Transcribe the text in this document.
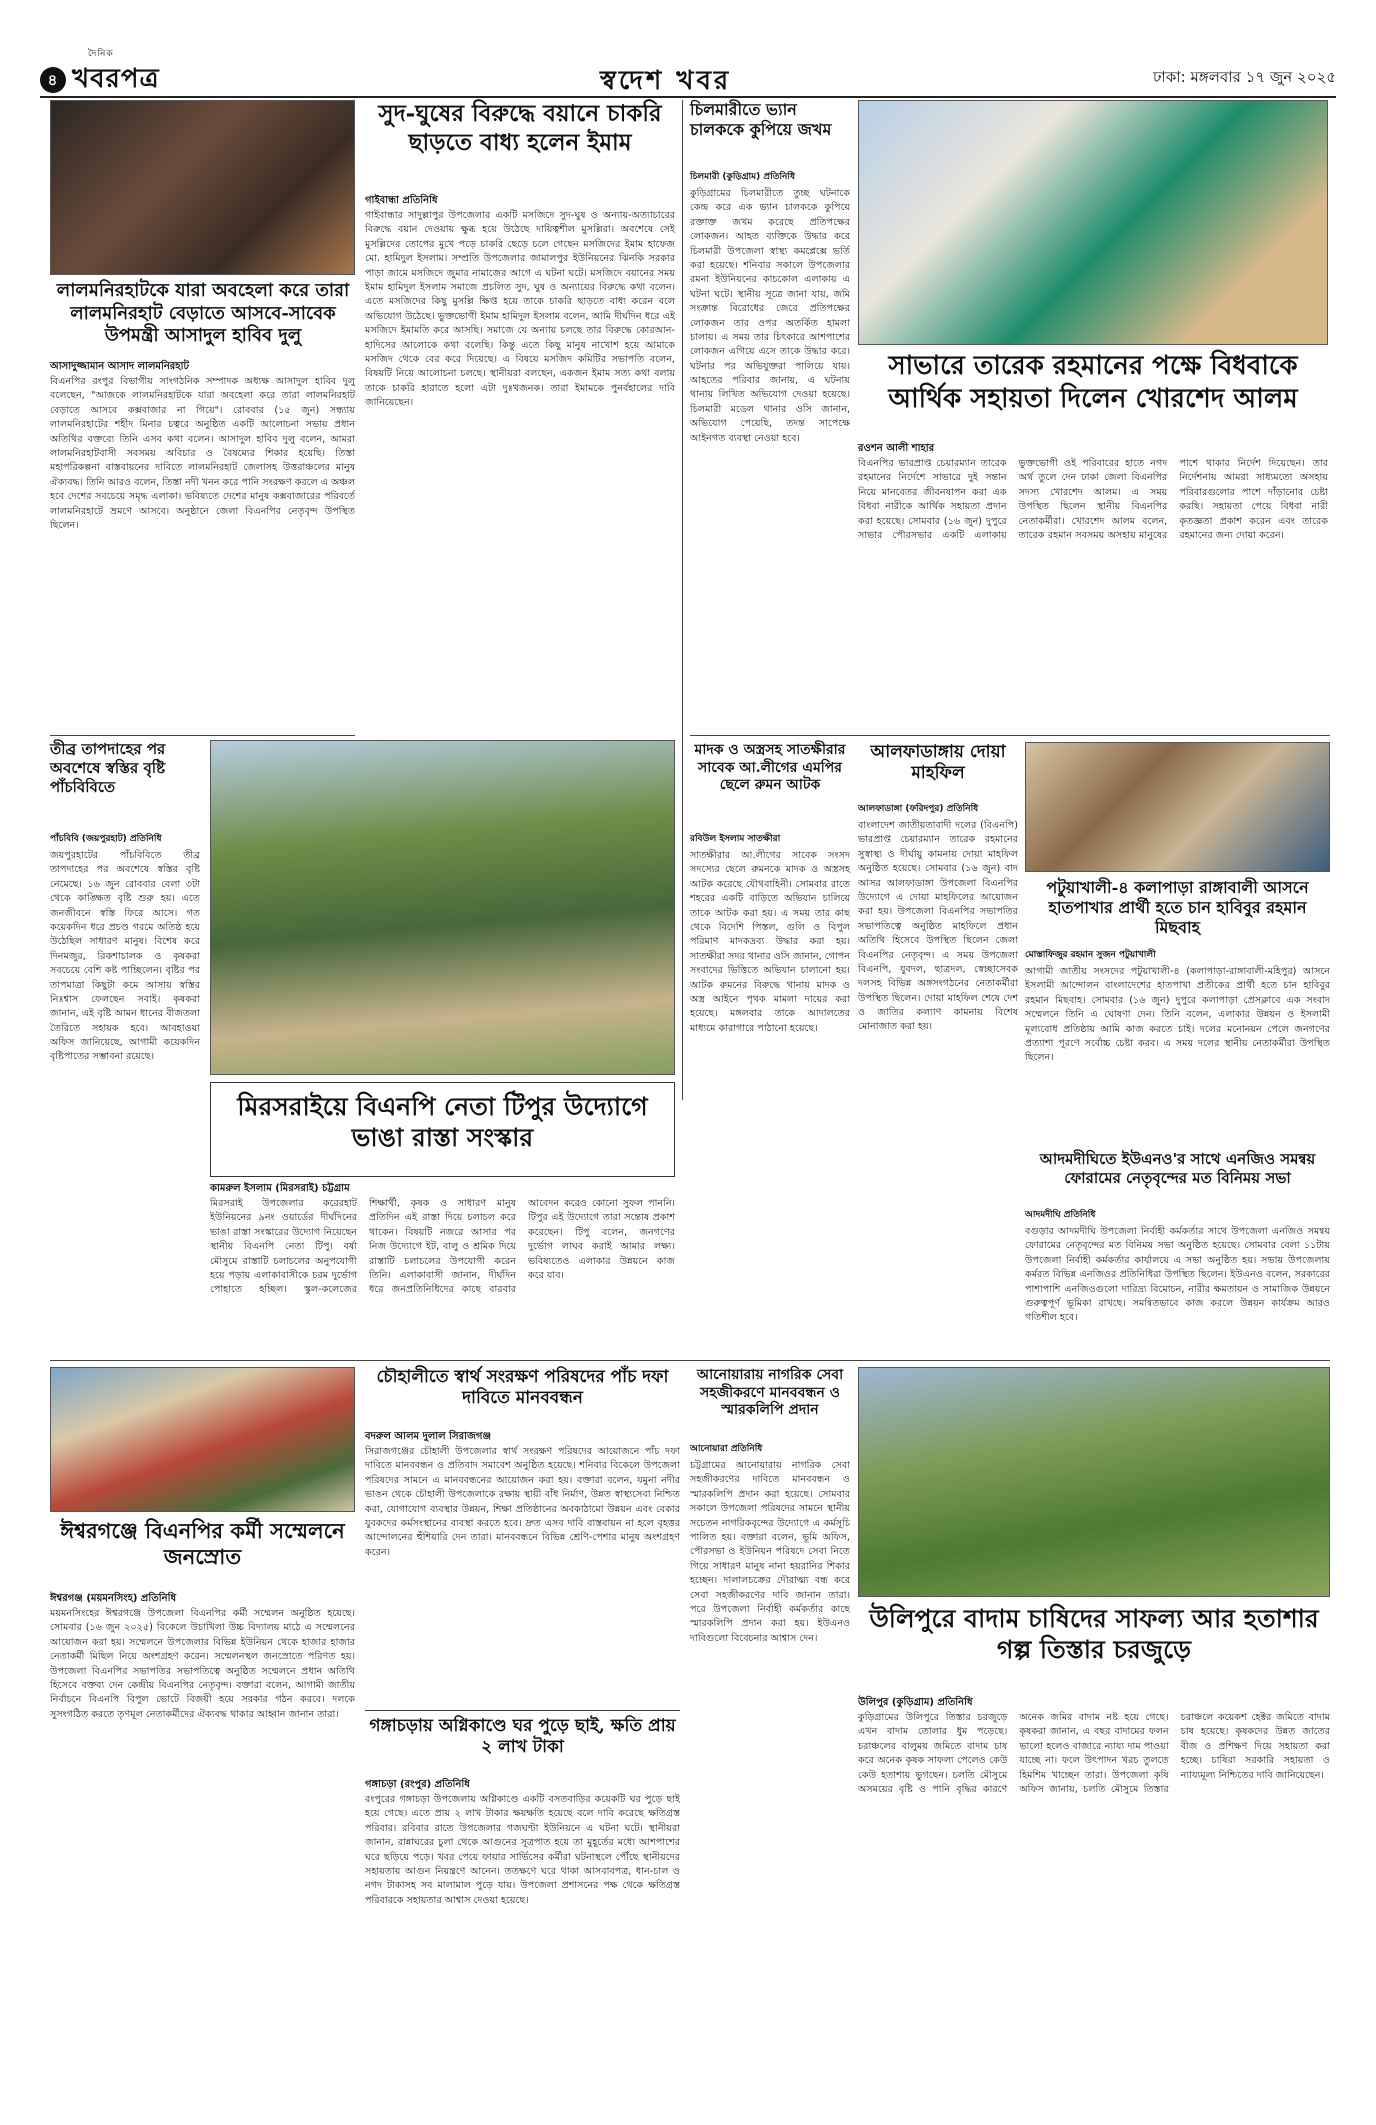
দৈনিক
৪ খবরপত্র	স্বদেশ খবর	ঢাকা: মঙ্গলবার ১৭ জুন ২০২৫
লালমনিরহাটকে যারা অবহেলা করে তারা লালমনিরহাট বেড়াতে আসবে-সাবেক উপমন্ত্রী আসাদুল হাবিব দুলু
আসাদুজ্জামান আসাদ লালমনিরহাট
বিএনপির রংপুর বিভাগীয় সাংগঠনিক সম্পাদক অধ্যক্ষ আসাদুল হাবিব দুলু বলেছেন, "আজকে লালমনিরহাটকে যারা অবহেলা করে তারা লালমনিরহাট বেড়াতে আসবে কক্সবাজার না গিয়ে"। রোববার (১৫ জুন) সন্ধ্যায় লালমনিরহাটের শহীদ মিনার চত্বরে অনুষ্ঠিত একটি আলোচনা সভায় প্রধান অতিথির বক্তব্যে তিনি এসব কথা বলেন। আসাদুল হাবিব দুলু বলেন, আমরা লালমনিরহাটবাসী সবসময় অবিচার ও বৈষম্যের শিকার হয়েছি। তিস্তা মহাপরিকল্পনা বাস্তবায়নের দাবিতে লালমনিরহাট জেলাসহ উত্তরাঞ্চলের মানুষ ঐক্যবদ্ধ। তিনি আরও বলেন, তিস্তা নদী খনন করে পানি সংরক্ষণ করলে এ অঞ্চল হবে দেশের সবচেয়ে সমৃদ্ধ এলাকা। ভবিষ্যতে দেশের মানুষ কক্সবাজারের পরিবর্তে লালমনিরহাটে ভ্রমণে আসবে। অনুষ্ঠানে জেলা বিএনপির নেতৃবৃন্দ উপস্থিত ছিলেন।
তীব্র তাপদাহের পর অবশেষে স্বস্তির বৃষ্টি পাঁচবিবিতে
পাঁচবিবি (জয়পুরহাট) প্রতিনিধি
জয়পুরহাটের পাঁচবিবিতে তীব্র তাপদাহের পর অবশেষে স্বস্তির বৃষ্টি নেমেছে। ১৬ জুন রোববার বেলা ৩টা থেকে কাঙ্ক্ষিত বৃষ্টি শুরু হয়। এতে জনজীবনে স্বস্তি ফিরে আসে। গত কয়েকদিন ধরে প্রচণ্ড গরমে অতিষ্ঠ হয়ে উঠেছিল সাধারণ মানুষ। বিশেষ করে দিনমজুর, রিকশাচালক ও কৃষকরা সবচেয়ে বেশি কষ্ট পাচ্ছিলেন। বৃষ্টির পর তাপমাত্রা কিছুটা কমে আসায় স্বস্তির নিঃশ্বাস ফেলছেন সবাই। কৃষকরা জানান, এই বৃষ্টি আমন ধানের বীজতলা তৈরিতে সহায়ক হবে। আবহাওয়া অফিস জানিয়েছে, আগামী কয়েকদিন বৃষ্টিপাতের সম্ভাবনা রয়েছে।
মিরসরাইয়ে বিএনপি নেতা টিপুর উদ্যোগে ভাঙা রাস্তা সংস্কার
কামরুল ইসলাম (মিরসরাই) চট্টগ্রাম
মিরসরাই উপজেলার করেরহাট ইউনিয়নের ৯নং ওয়ার্ডের দীর্ঘদিনের ভাঙা রাস্তা সংস্কারের উদ্যোগ নিয়েছেন স্থানীয় বিএনপি নেতা টিপু। বর্ষা মৌসুমে রাস্তাটি চলাচলের অনুপযোগী হয়ে পড়ায় এলাকাবাসীকে চরম দুর্ভোগ পোহাতে হচ্ছিল। স্কুল-কলেজের শিক্ষার্থী, কৃষক ও সাধারণ মানুষ প্রতিদিন এই রাস্তা দিয়ে চলাচল করে থাকেন। বিষয়টি নজরে আসার পর নিজ উদ্যোগে ইট, বালু ও শ্রমিক দিয়ে রাস্তাটি চলাচলের উপযোগী করেন তিনি। এলাকাবাসী জানান, দীর্ঘদিন ধরে জনপ্রতিনিধিদের কাছে বারবার আবেদন করেও কোনো সুফল পাননি। টিপুর এই উদ্যোগে তারা সন্তোষ প্রকাশ করেছেন। টিপু বলেন, জনগণের দুর্ভোগ লাঘব করাই আমার লক্ষ্য। ভবিষ্যতেও এলাকার উন্নয়নে কাজ করে যাব।
সুদ-ঘুষের বিরুদ্ধে বয়ানে চাকরি ছাড়তে বাধ্য হলেন ইমাম
গাইবান্ধা প্রতিনিধি
গাইবান্ধার সাদুল্লাপুর উপজেলার একটি মসজিদে সুদ-ঘুষ ও অন্যায়-অত্যাচারের বিরুদ্ধে বয়ান দেওয়ায় ক্ষুব্ধ হয়ে উঠেছে দায়িত্বশীল মুসল্লিরা। অবশেষে সেই মুসল্লিদের তোপের মুখে পড়ে চাকরি ছেড়ে চলে গেছেন মসজিদের ইমাম হাফেজ মো. হামিদুল ইসলাম। সম্প্রতি উপজেলার জামালপুর ইউনিয়নের ঝিনকি সরকার পাড়া জামে মসজিদে জুমার নামাজের আগে এ ঘটনা ঘটে। মসজিদে বয়ানের সময় ইমাম হামিদুল ইসলাম সমাজে প্রচলিত সুদ, ঘুষ ও অন্যায়ের বিরুদ্ধে কথা বলেন। এতে মসজিদের কিছু মুসল্লি ক্ষিপ্ত হয়ে তাকে চাকরি ছাড়তে বাধ্য করেন বলে অভিযোগ উঠেছে। ভুক্তভোগী ইমাম হামিদুল ইসলাম বলেন, আমি দীর্ঘদিন ধরে এই মসজিদে ইমামতি করে আসছি। সমাজে যে অন্যায় চলছে তার বিরুদ্ধে কোরআন-হাদিসের আলোকে কথা বলেছি। কিন্তু এতে কিছু মানুষ নাখোশ হয়ে আমাকে মসজিদ থেকে বের করে দিয়েছে। এ বিষয়ে মসজিদ কমিটির সভাপতি বলেন, বিষয়টি নিয়ে আলোচনা চলছে। স্থানীয়রা বলছেন, একজন ইমাম সত্য কথা বলায় তাকে চাকরি হারাতে হলো এটা দুঃখজনক। তারা ইমামকে পুনর্বহালের দাবি জানিয়েছেন।
চিলমারীতে ভ্যান চালককে কুপিয়ে জখম
চিলমারী (কুড়িগ্রাম) প্রতিনিধি
কুড়িগ্রামের চিলমারীতে তুচ্ছ ঘটনাকে কেন্দ্র করে এক ভ্যান চালককে কুপিয়ে রক্তাক্ত জখম করেছে প্রতিপক্ষের লোকজন। আহত ব্যক্তিকে উদ্ধার করে চিলমারী উপজেলা স্বাস্থ্য কমপ্লেক্সে ভর্তি করা হয়েছে। শনিবার সকালে উপজেলার রমনা ইউনিয়নের কাচকোল এলাকায় এ ঘটনা ঘটে। স্থানীয় সূত্রে জানা যায়, জমি সংক্রান্ত বিরোধের জেরে প্রতিপক্ষের লোকজন তার ওপর অতর্কিত হামলা চালায়। এ সময় তার চিৎকারে আশপাশের লোকজন এগিয়ে এসে তাকে উদ্ধার করে। ঘটনার পর অভিযুক্তরা পালিয়ে যায়। আহতের পরিবার জানায়, এ ঘটনায় থানায় লিখিত অভিযোগ দেওয়া হয়েছে। চিলমারী মডেল থানার ওসি জানান, অভিযোগ পেয়েছি, তদন্ত সাপেক্ষে আইনগত ব্যবস্থা নেওয়া হবে।
সাভারে তারেক রহমানের পক্ষে বিধবাকে আর্থিক সহায়তা দিলেন খোরশেদ আলম
রওশন আলী শাহার
বিএনপির ভারপ্রাপ্ত চেয়ারম্যান তারেক রহমানের নির্দেশে সাভারে দুই সন্তান নিয়ে মানবেতর জীবনযাপন করা এক বিধবা নারীকে আর্থিক সহায়তা প্রদান করা হয়েছে। সোমবার (১৬ জুন) দুপুরে সাভার পৌরসভার একটি এলাকায় ভুক্তভোগী ওই পরিবারের হাতে নগদ অর্থ তুলে দেন ঢাকা জেলা বিএনপির সদস্য খোরশেদ আলম। এ সময় উপস্থিত ছিলেন স্থানীয় বিএনপির নেতাকর্মীরা। খোরশেদ আলম বলেন, তারেক রহমান সবসময় অসহায় মানুষের পাশে থাকার নির্দেশ দিয়েছেন। তার নির্দেশনায় আমরা সাধ্যমতো অসহায় পরিবারগুলোর পাশে দাঁড়ানোর চেষ্টা করছি। সহায়তা পেয়ে বিধবা নারী কৃতজ্ঞতা প্রকাশ করেন এবং তারেক রহমানের জন্য দোয়া করেন।
মাদক ও অস্ত্রসহ সাতক্ষীরার সাবেক আ.লীগের এমপির ছেলে রুমন আটক
রবিউল ইসলাম সাতক্ষীরা
সাতক্ষীরার আ.লীগের সাবেক সংসদ সদস্যের ছেলে রুমনকে মাদক ও অস্ত্রসহ আটক করেছে যৌথবাহিনী। সোমবার রাতে শহরের একটি বাড়িতে অভিযান চালিয়ে তাকে আটক করা হয়। এ সময় তার কাছ থেকে বিদেশি পিস্তল, গুলি ও বিপুল পরিমাণ মাদকদ্রব্য উদ্ধার করা হয়। সাতক্ষীরা সদর থানার ওসি জানান, গোপন সংবাদের ভিত্তিতে অভিযান চালানো হয়। আটক রুমনের বিরুদ্ধে থানায় মাদক ও অস্ত্র আইনে পৃথক মামলা দায়ের করা হয়েছে। মঙ্গলবার তাকে আদালতের মাধ্যমে কারাগারে পাঠানো হয়েছে।
আলফাডাঙ্গায় দোয়া মাহফিল
আলফাডাঙ্গা (ফরিদপুর) প্রতিনিধি
বাংলাদেশ জাতীয়তাবাদী দলের (বিএনপি) ভারপ্রাপ্ত চেয়ারম্যান তারেক রহমানের সুস্বাস্থ্য ও দীর্ঘায়ু কামনায় দোয়া মাহফিল অনুষ্ঠিত হয়েছে। সোমবার (১৬ জুন) বাদ আসর আলফাডাঙ্গা উপজেলা বিএনপির উদ্যোগে এ দোয়া মাহফিলের আয়োজন করা হয়। উপজেলা বিএনপির সভাপতির সভাপতিত্বে অনুষ্ঠিত মাহফিলে প্রধান অতিথি হিসেবে উপস্থিত ছিলেন জেলা বিএনপির নেতৃবৃন্দ। এ সময় উপজেলা বিএনপি, যুবদল, ছাত্রদল, স্বেচ্ছাসেবক দলসহ বিভিন্ন অঙ্গসংগঠনের নেতাকর্মীরা উপস্থিত ছিলেন। দোয়া মাহফিল শেষে দেশ ও জাতির কল্যাণ কামনায় বিশেষ মোনাজাত করা হয়।
পটুয়াখালী-৪ কলাপাড়া রাঙ্গাবালী আসনে হাতপাখার প্রার্থী হতে চান হাবিবুর রহমান মিছবাহ
মোস্তাফিজুর রহমান সুজন পটুয়াখালী
আগামী জাতীয় সংসদের পটুয়াখালী-৪ (কলাপাড়া-রাঙ্গাবালী-মহিপুর) আসনে ইসলামী আন্দোলন বাংলাদেশের হাতপাখা প্রতীকের প্রার্থী হতে চান হাবিবুর রহমান মিছবাহ। সোমবার (১৬ জুন) দুপুরে কলাপাড়া প্রেসক্লাবে এক সংবাদ সম্মেলনে তিনি এ ঘোষণা দেন। তিনি বলেন, এলাকার উন্নয়ন ও ইসলামী মূল্যবোধ প্রতিষ্ঠায় আমি কাজ করতে চাই। দলের মনোনয়ন পেলে জনগণের প্রত্যাশা পূরণে সর্বোচ্চ চেষ্টা করব। এ সময় দলের স্থানীয় নেতাকর্মীরা উপস্থিত ছিলেন।
আদমদীঘিতে ইউএনও'র সাথে এনজিও সমন্বয় ফোরামের নেতৃবৃন্দের মত বিনিময় সভা
আদমদীঘি প্রতিনিধি
বগুড়ার আদমদীঘি উপজেলা নির্বাহী কর্মকর্তার সাথে উপজেলা এনজিও সমন্বয় ফোরামের নেতৃবৃন্দের মত বিনিময় সভা অনুষ্ঠিত হয়েছে। সোমবার বেলা ১১টায় উপজেলা নির্বাহী কর্মকর্তার কার্যালয়ে এ সভা অনুষ্ঠিত হয়। সভায় উপজেলায় কর্মরত বিভিন্ন এনজিওর প্রতিনিধিরা উপস্থিত ছিলেন। ইউএনও বলেন, সরকারের পাশাপাশি এনজিওগুলো দারিদ্র্য বিমোচন, নারীর ক্ষমতায়ন ও সামাজিক উন্নয়নে গুরুত্বপূর্ণ ভূমিকা রাখছে। সমন্বিতভাবে কাজ করলে উন্নয়ন কার্যক্রম আরও গতিশীল হবে।
ঈশ্বরগঞ্জে বিএনপির কর্মী সম্মেলনে জনস্রোত
ঈশ্বরগঞ্জ (ময়মনসিংহ) প্রতিনিধি
ময়মনসিংহের ঈশ্বরগঞ্জে উপজেলা বিএনপির কর্মী সম্মেলন অনুষ্ঠিত হয়েছে। সোমবার (১৬ জুন ২০২৫) বিকেলে উচাখিলা উচ্চ বিদ্যালয় মাঠে এ সম্মেলনের আয়োজন করা হয়। সম্মেলনে উপজেলার বিভিন্ন ইউনিয়ন থেকে হাজার হাজার নেতাকর্মী মিছিল নিয়ে অংশগ্রহণ করেন। সম্মেলনস্থল জনস্রোতে পরিণত হয়। উপজেলা বিএনপির সভাপতির সভাপতিত্বে অনুষ্ঠিত সম্মেলনে প্রধান অতিথি হিসেবে বক্তব্য দেন কেন্দ্রীয় বিএনপির নেতৃবৃন্দ। বক্তারা বলেন, আগামী জাতীয় নির্বাচনে বিএনপি বিপুল ভোটে বিজয়ী হয়ে সরকার গঠন করবে। দলকে সুসংগঠিত করতে তৃণমূল নেতাকর্মীদের ঐক্যবদ্ধ থাকার আহ্বান জানান তারা।
চৌহালীতে স্বার্থ সংরক্ষণ পরিষদের পাঁচ দফা দাবিতে মানববন্ধন
বদরুল আলম দুলাল সিরাজগঞ্জ
সিরাজগঞ্জের চৌহালী উপজেলার স্বার্থ সংরক্ষণ পরিষদের আয়োজনে পাঁচ দফা দাবিতে মানববন্ধন ও প্রতিবাদ সমাবেশ অনুষ্ঠিত হয়েছে। শনিবার বিকেলে উপজেলা পরিষদের সামনে এ মানববন্ধনের আয়োজন করা হয়। বক্তারা বলেন, যমুনা নদীর ভাঙন থেকে চৌহালী উপজেলাকে রক্ষায় স্থায়ী বাঁধ নির্মাণ, উন্নত স্বাস্থ্যসেবা নিশ্চিত করা, যোগাযোগ ব্যবস্থার উন্নয়ন, শিক্ষা প্রতিষ্ঠানের অবকাঠামো উন্নয়ন এবং বেকার যুবকদের কর্মসংস্থানের ব্যবস্থা করতে হবে। দ্রুত এসব দাবি বাস্তবায়ন না হলে বৃহত্তর আন্দোলনের হুঁশিয়ারি দেন তারা। মানববন্ধনে বিভিন্ন শ্রেণি-পেশার মানুষ অংশগ্রহণ করেন।
গঙ্গাচড়ায় অগ্নিকাণ্ডে ঘর পুড়ে ছাই, ক্ষতি প্রায় ২ লাখ টাকা
গঙ্গাচড়া (রংপুর) প্রতিনিধি
রংপুরের গঙ্গাচড়া উপজেলায় অগ্নিকাণ্ডে একটি বসতবাড়ির কয়েকটি ঘর পুড়ে ছাই হয়ে গেছে। এতে প্রায় ২ লাখ টাকার ক্ষয়ক্ষতি হয়েছে বলে দাবি করেছে ক্ষতিগ্রস্ত পরিবার। রবিবার রাতে উপজেলার গজঘণ্টা ইউনিয়নে এ ঘটনা ঘটে। স্থানীয়রা জানান, রান্নাঘরের চুলা থেকে আগুনের সূত্রপাত হয়ে তা মুহূর্তের মধ্যে আশপাশের ঘরে ছড়িয়ে পড়ে। খবর পেয়ে ফায়ার সার্ভিসের কর্মীরা ঘটনাস্থলে পৌঁছে স্থানীয়দের সহায়তায় আগুন নিয়ন্ত্রণে আনেন। ততক্ষণে ঘরে থাকা আসবাবপত্র, ধান-চাল ও নগদ টাকাসহ সব মালামাল পুড়ে যায়। উপজেলা প্রশাসনের পক্ষ থেকে ক্ষতিগ্রস্ত পরিবারকে সহায়তার আশ্বাস দেওয়া হয়েছে।
আনোয়ারায় নাগরিক সেবা সহজীকরণে মানববন্ধন ও স্মারকলিপি প্রদান
আনোয়ারা প্রতিনিধি
চট্টগ্রামের আনোয়ারায় নাগরিক সেবা সহজীকরণের দাবিতে মানববন্ধন ও স্মারকলিপি প্রদান করা হয়েছে। সোমবার সকালে উপজেলা পরিষদের সামনে স্থানীয় সচেতন নাগরিকবৃন্দের উদ্যোগে এ কর্মসূচি পালিত হয়। বক্তারা বলেন, ভূমি অফিস, পৌরসভা ও ইউনিয়ন পরিষদে সেবা নিতে গিয়ে সাধারণ মানুষ নানা হয়রানির শিকার হচ্ছেন। দালালচক্রের দৌরাত্ম্য বন্ধ করে সেবা সহজীকরণের দাবি জানান তারা। পরে উপজেলা নির্বাহী কর্মকর্তার কাছে স্মারকলিপি প্রদান করা হয়। ইউএনও দাবিগুলো বিবেচনার আশ্বাস দেন।
উলিপুরে বাদাম চাষিদের সাফল্য আর হতাশার গল্প তিস্তার চরজুড়ে
উলিপুর (কুড়িগ্রাম) প্রতিনিধি
কুড়িগ্রামের উলিপুরে তিস্তার চরজুড়ে এখন বাদাম তোলার ধুম পড়েছে। চরাঞ্চলের বালুময় জমিতে বাদাম চাষ করে অনেক কৃষক সাফল্য পেলেও কেউ কেউ হতাশায় ভুগছেন। চলতি মৌসুমে অসময়ের বৃষ্টি ও পানি বৃদ্ধির কারণে অনেক জমির বাদাম নষ্ট হয়ে গেছে। কৃষকরা জানান, এ বছর বাদামের ফলন ভালো হলেও বাজারে ন্যায্য দাম পাওয়া যাচ্ছে না। ফলে উৎপাদন খরচ তুলতে হিমশিম খাচ্ছেন তারা। উপজেলা কৃষি অফিস জানায়, চলতি মৌসুমে তিস্তার চরাঞ্চলে কয়েকশ হেক্টর জমিতে বাদাম চাষ হয়েছে। কৃষকদের উন্নত জাতের বীজ ও প্রশিক্ষণ দিয়ে সহায়তা করা হচ্ছে। চাষিরা সরকারি সহায়তা ও ন্যায্যমূল্য নিশ্চিতের দাবি জানিয়েছেন।
